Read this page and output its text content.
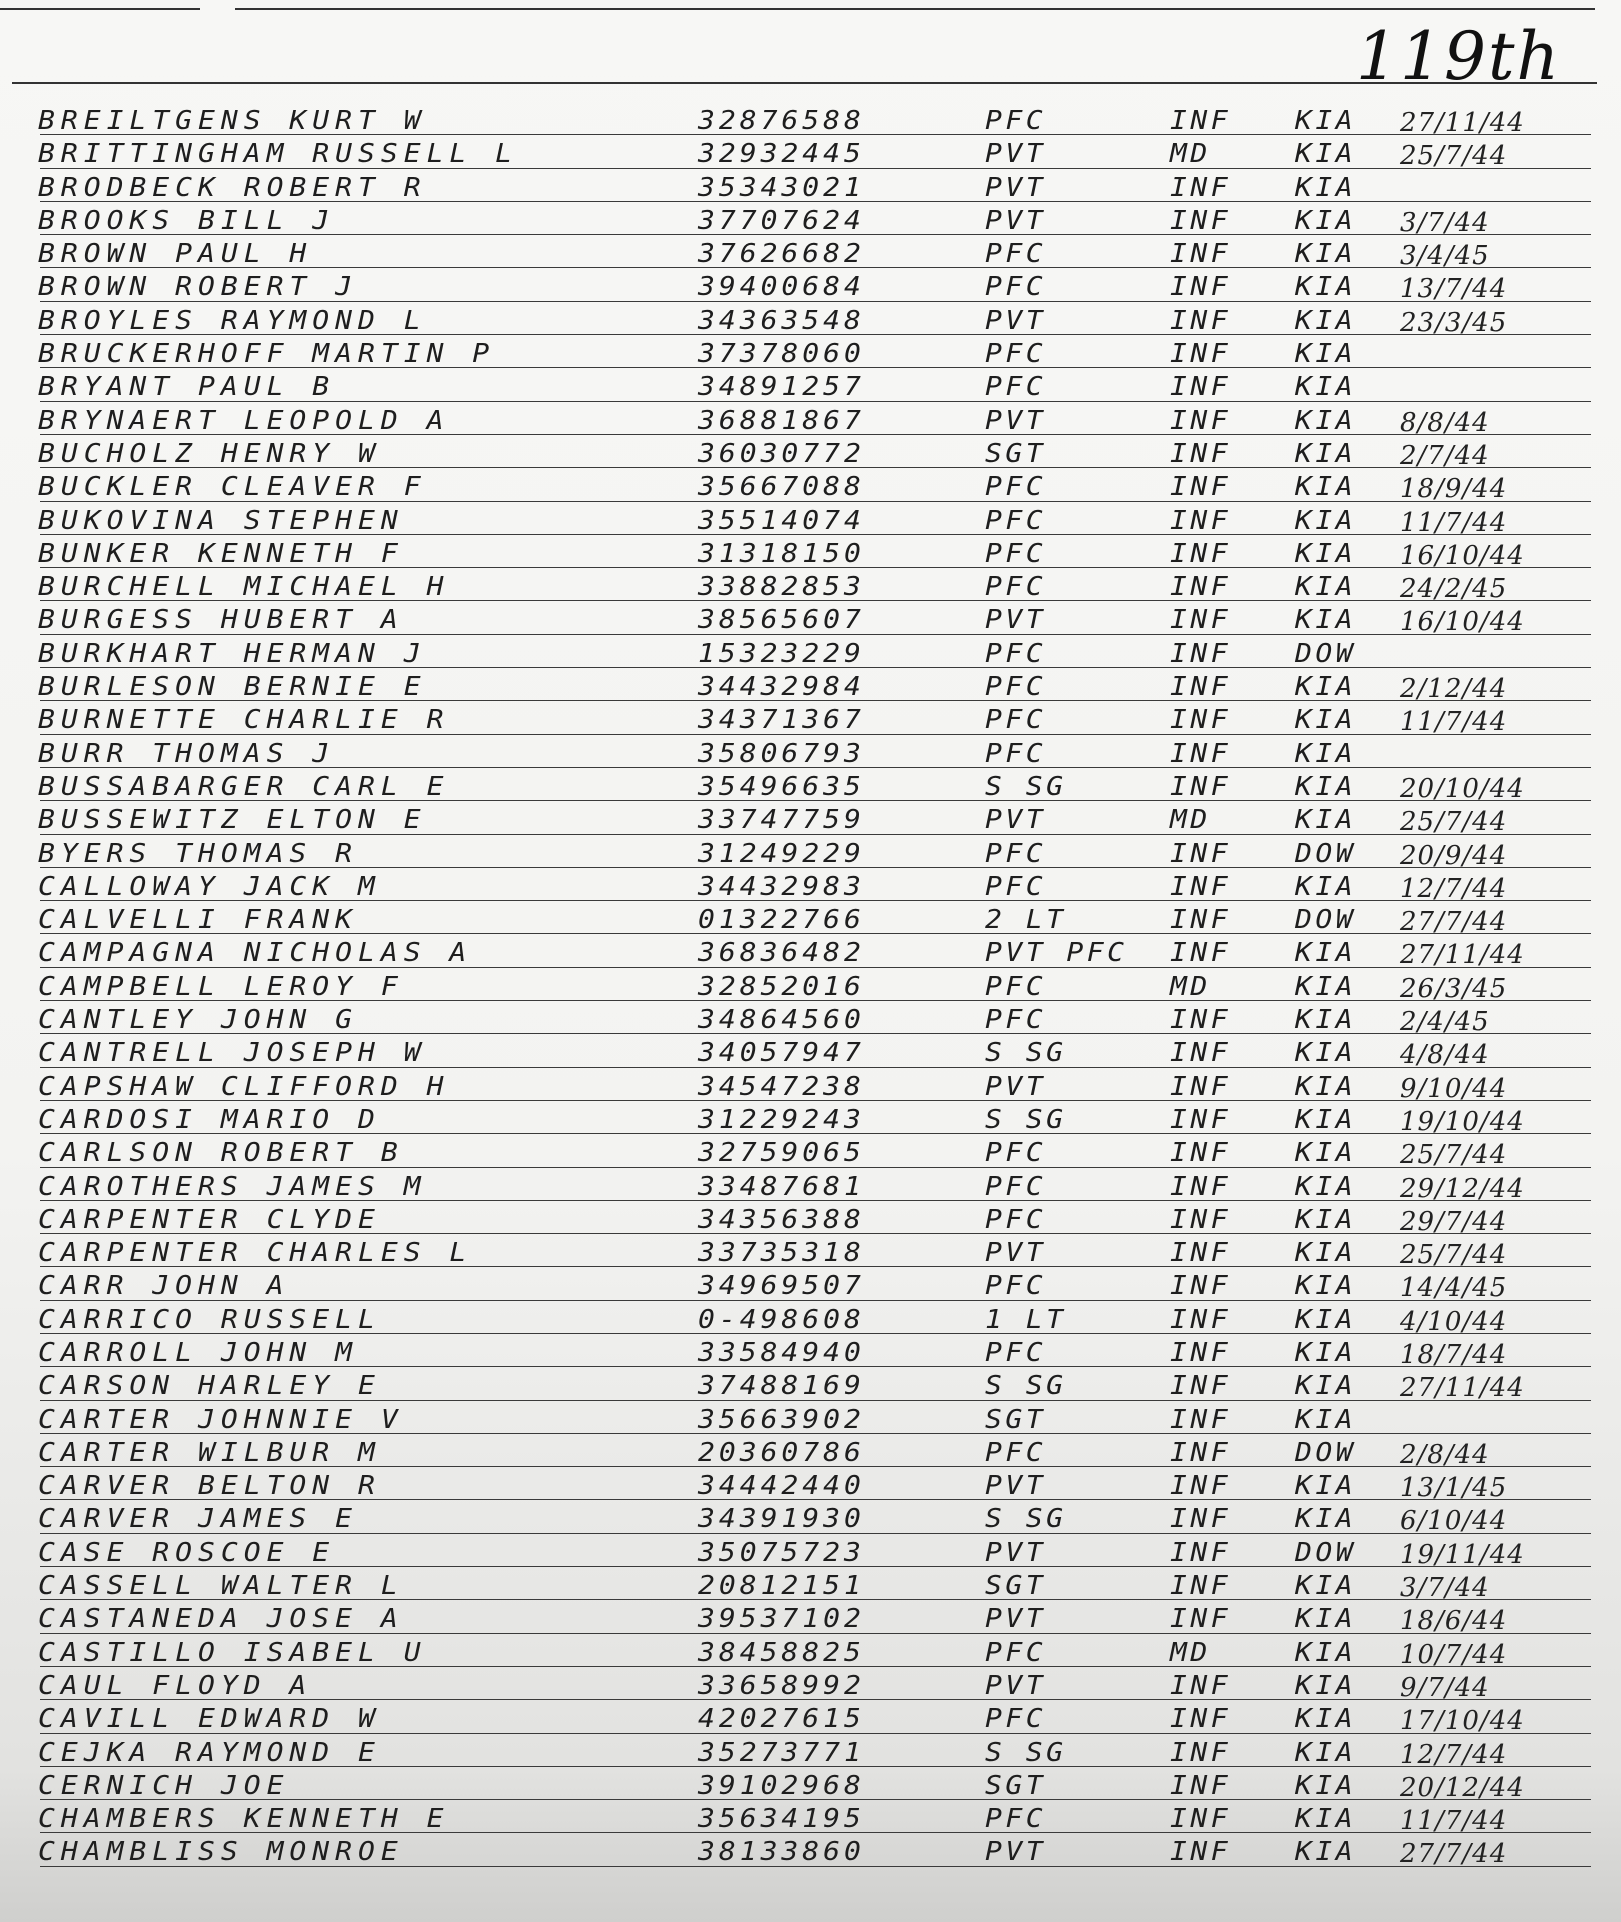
119th
BREILTGENS KURT W	32876588	PFC	INF KIA 27/11/44
BRITTINGHAM RUSSELL L	32932445	PVT	MD	KIA 25/7/44
BRODBECK ROBERT R	35343021	PVT	INF KIA
BROOKS BILL J	37707624	PVT	INF KIA 3/7/44
BROWN PAUL H	37626682	PFC	INF KIA 3/4/45
BROWN ROBERT J	39400684	PFC	INF KIA 13/7/44
BROYLES RAYMOND L	34363548	PVT	INF KIA 23/3/45
BRUCKERHOFF MARTIN P	37378060	PFC	INF KIA
BRYANT PAUL B	34891257	PFC	INF KIA
BRYNAERT LEOPOLD A	36881867	PVT	INF KIA 8/8/44
BUCHOLZ HENRY W	36030772	SGT	INF KIA 2/7/44
BUCKLER CLEAVER F	35667088	PFC	INF KIA 18/9/44
BUKOVINA STEPHEN	35514074	PFC	INF KIA 11/7/44
BUNKER KENNETH F	31318150	PFC	INF KIA 16/10/44
BURCHELL MICHAEL H	33882853	PFC	INF KIA 24/2/45
BURGESS HUBERT A	38565607	PVT	INF KIA 16/10/44
BURKHART HERMAN J	15323229	PFC	INF DOW
BURLESON BERNIE E	34432984	PFC	INF KIA 2/12/44
BURNETTE CHARLIE R	34371367	PFC	INF KIA 11/7/44
BURR THOMAS J	35806793	PFC	INF KIA
BUSSABARGER CARL E	35496635	S SG	INF KIA 20/10/44
BUSSEWITZ ELTON E	33747759	PVT	MD	KIA 25/7/44
BYERS THOMAS R	31249229	PFC	INF DOW 20/9/44
CALLOWAY JACK M	34432983	PFC	INF KIA 12/7/44
CALVELLI FRANK	01322766	2 LT	INF DOW 27/7/44
CAMPAGNA NICHOLAS A	36836482	PVT PFC INF KIA 27/11/44
CAMPBELL LEROY F	32852016	PFC	MD	KIA 26/3/45
CANTLEY JOHN G	34864560	PFC	INF KIA 2/4/45
CANTRELL JOSEPH W	34057947	S SG	INF KIA 4/8/44
CAPSHAW CLIFFORD H	34547238	PVT	INF KIA 9/10/44
CARDOSI MARIO D	31229243	S SG	INF KIA 19/10/44
CARLSON ROBERT B	32759065	PFC	INF KIA 25/7/44
CAROTHERS JAMES M	33487681	PFC	INF KIA 29/12/44
CARPENTER CLYDE	34356388	PFC	INF KIA 29/7/44
CARPENTER CHARLES L	33735318	PVT	INF KIA 25/7/44
CARR JOHN A	34969507	PFC	INF KIA 14/4/45
CARRICO RUSSELL	0-498608	1 LT	INF KIA 4/10/44
CARROLL JOHN M	33584940	PFC	INF KIA 18/7/44
CARSON HARLEY E	37488169	S SG	INF KIA 27/11/44
CARTER JOHNNIE V	35663902	SGT	INF KIA
CARTER WILBUR M	20360786	PFC	INF DOW 2/8/44
CARVER BELTON R	34442440	PVT	INF KIA 13/1/45
CARVER JAMES E	34391930	S SG	INF KIA 6/10/44
CASE ROSCOE E	35075723	PVT	INF DOW 19/11/44
CASSELL WALTER L	20812151	SGT	INF KIA 3/7/44
CASTANEDA JOSE A	39537102	PVT	INF KIA 18/6/44
CASTILLO ISABEL U	38458825	PFC	MD	KIA 10/7/44
CAUL FLOYD A	33658992	PVT	INF KIA 9/7/44
CAVILL EDWARD W	42027615	PFC	INF KIA 17/10/44
CEJKA RAYMOND E	35273771	S SG	INF KIA 12/7/44
CERNICH JOE	39102968	SGT	INF KIA 20/12/44
CHAMBERS KENNETH E	35634195	PFC	INF KIA 11/7/44
CHAMBLISS MONROE	38133860	PVT	INF KIA 27/7/44
